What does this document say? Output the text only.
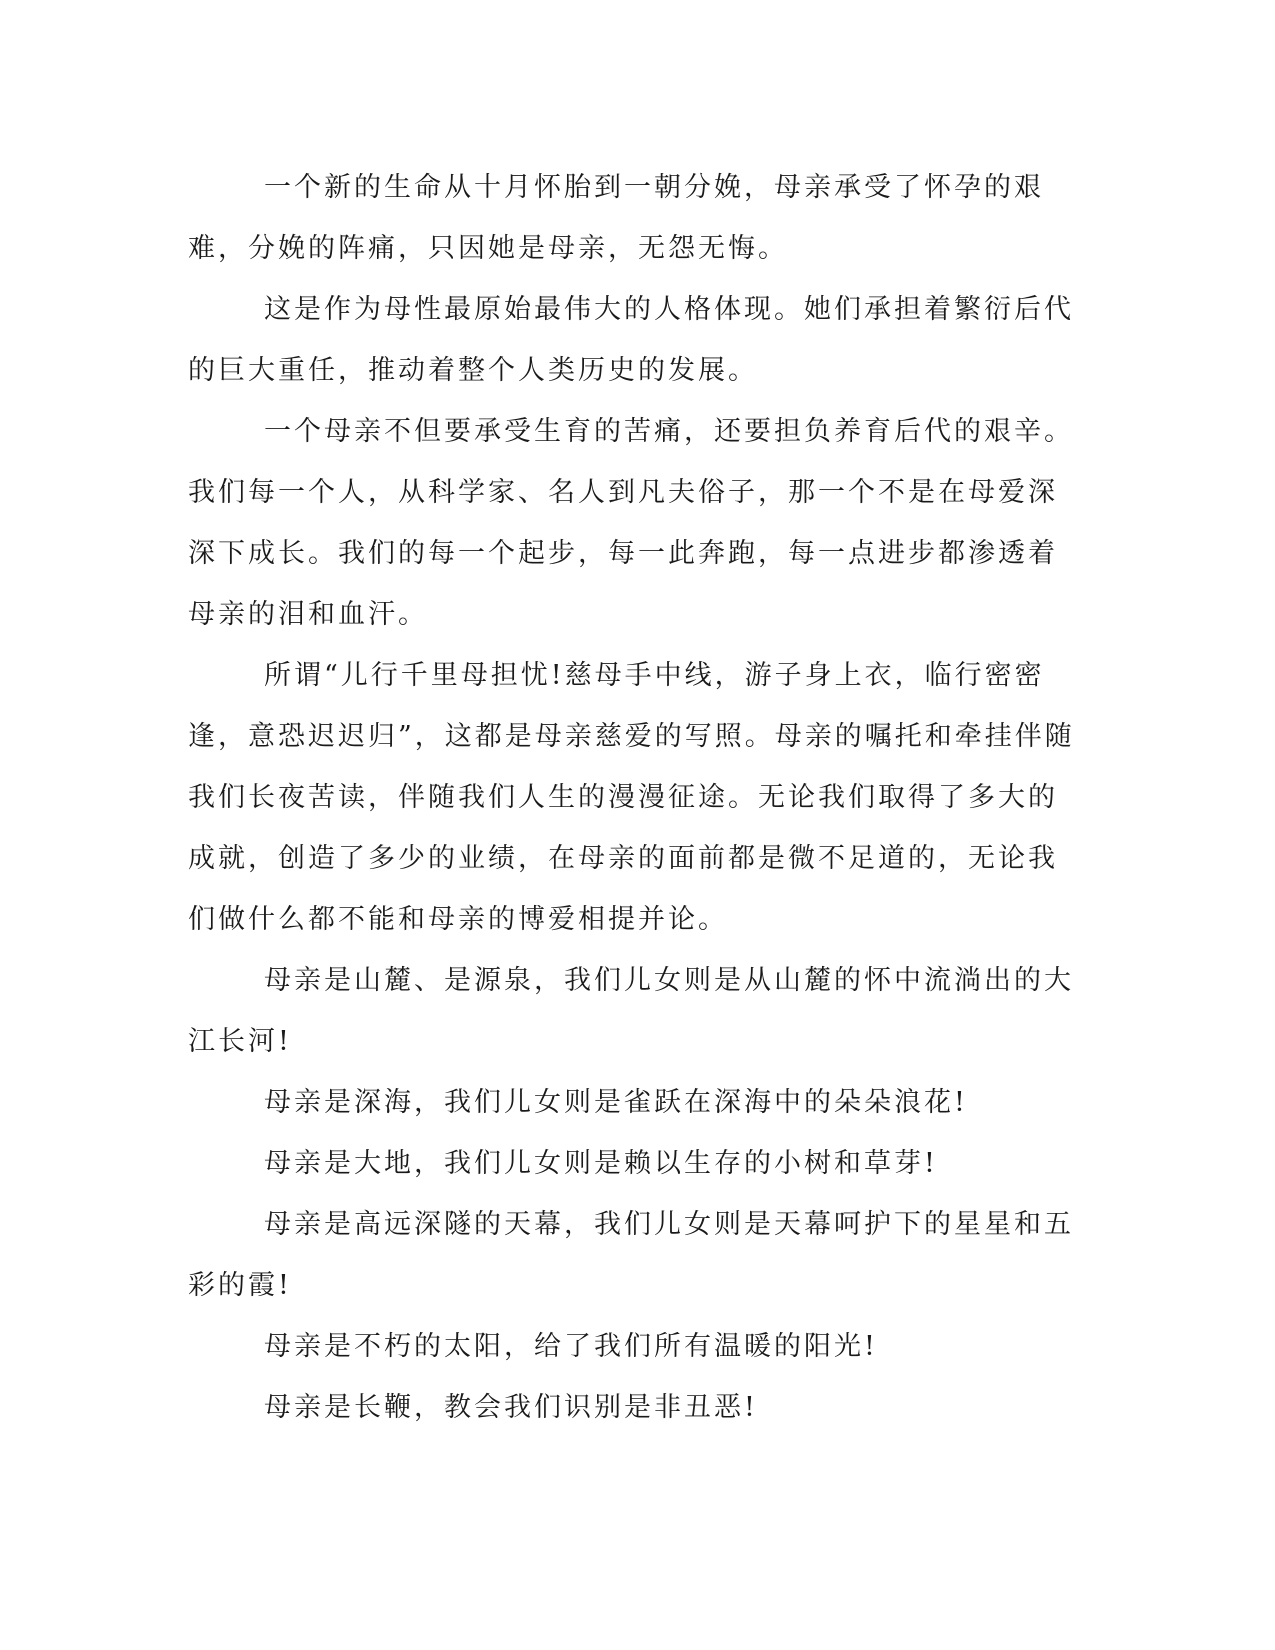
一个新的生命从十月怀胎到一朝分娩，母亲承受了怀孕的艰难，分娩的阵痛，只因她是母亲，无怨无悔。

这是作为母性最原始最伟大的人格体现。她们承担着繁衍后代的巨大重任，推动着整个人类历史的发展。

一个母亲不但要承受生育的苦痛，还要担负养育后代的艰辛。我们每一个人，从科学家、名人到凡夫俗子，那一个不是在母爱深深下成长。我们的每一个起步，每一此奔跑，每一点进步都渗透着母亲的泪和血汗。

所谓“儿行千里母担忧!慈母手中线，游子身上衣，临行密密逢，意恐迟迟归”，这都是母亲慈爱的写照。母亲的嘱托和牵挂伴随我们长夜苦读，伴随我们人生的漫漫征途。无论我们取得了多大的成就，创造了多少的业绩，在母亲的面前都是微不足道的，无论我们做什么都不能和母亲的博爱相提并论。

母亲是山麓、是源泉，我们儿女则是从山麓的怀中流淌出的大江长河!

母亲是深海，我们儿女则是雀跃在深海中的朵朵浪花!

母亲是大地，我们儿女则是赖以生存的小树和草芽!

母亲是高远深隧的天幕，我们儿女则是天幕呵护下的星星和五彩的霞!

母亲是不朽的太阳，给了我们所有温暖的阳光!

母亲是长鞭，教会我们识别是非丑恶!
